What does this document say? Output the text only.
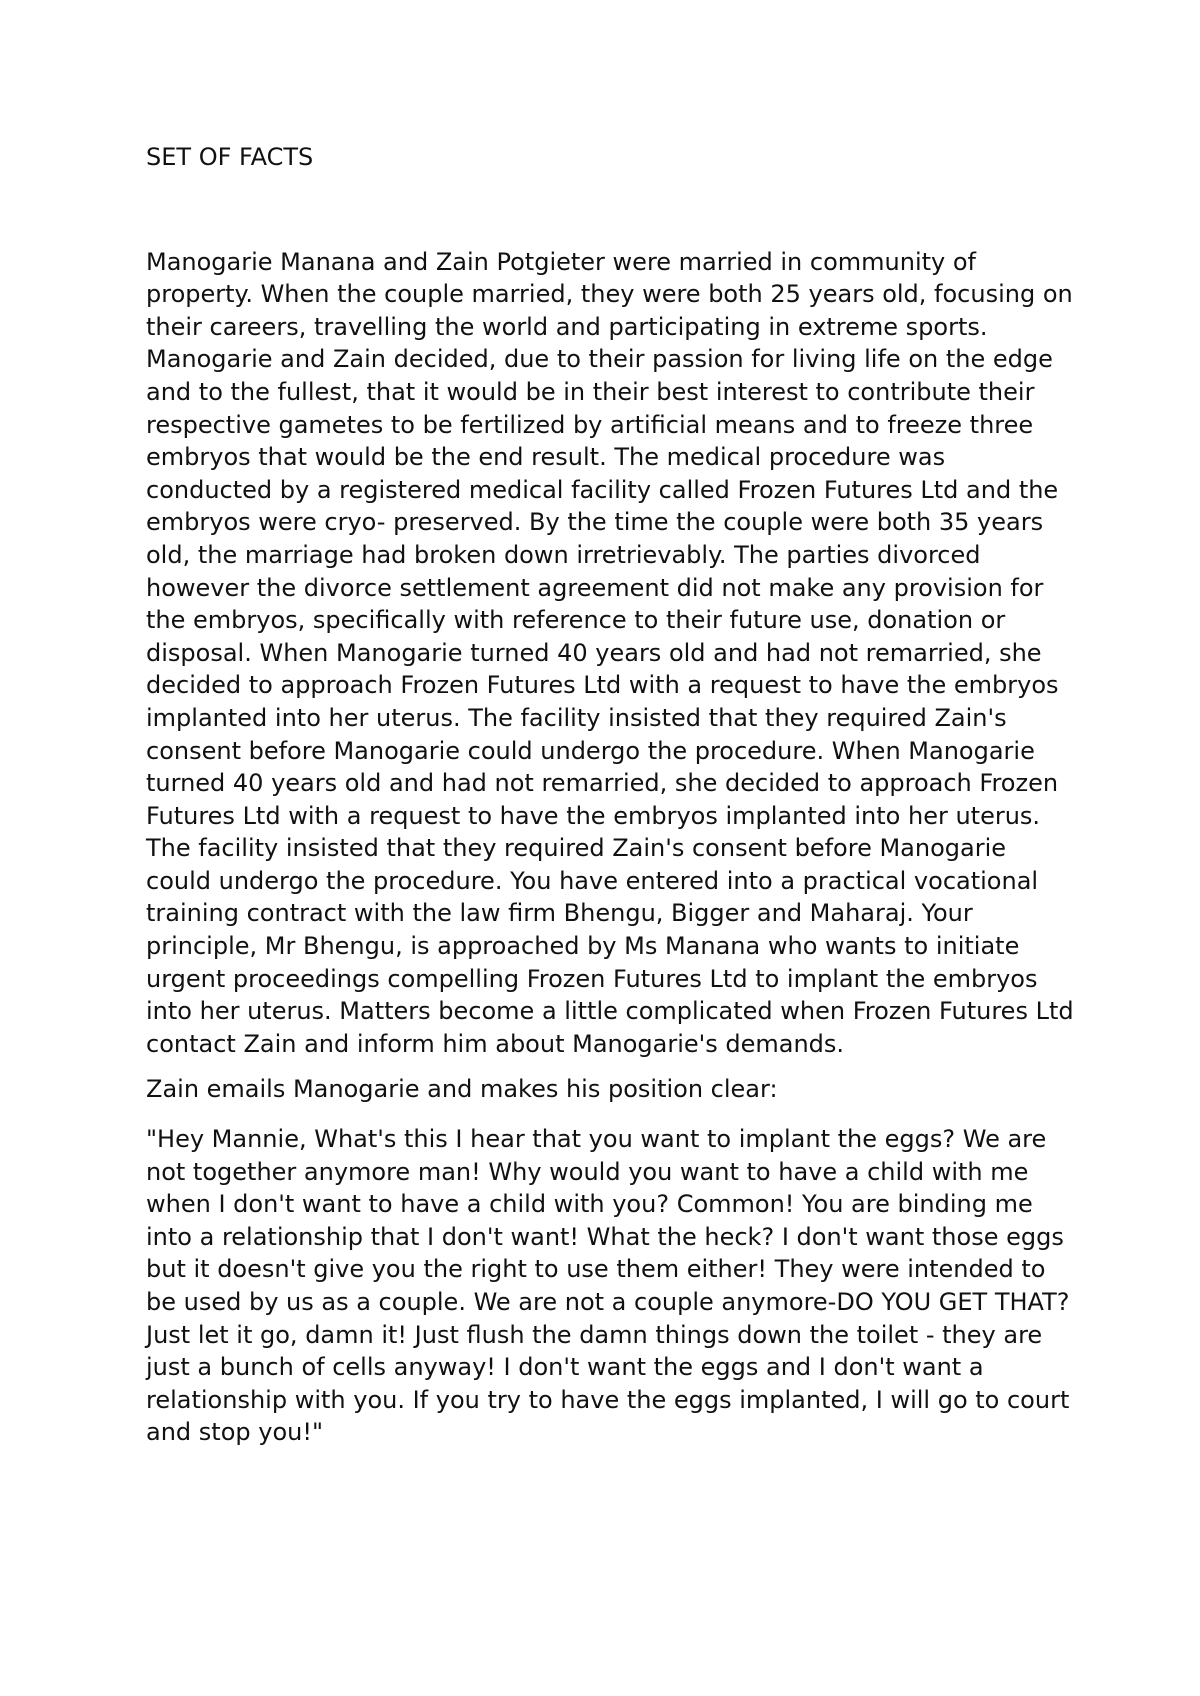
SET OF FACTS

Manogarie Manana and Zain Potgieter were married in community of property. When the couple married, they were both 25 years old, focusing on their careers, travelling the world and participating in extreme sports. Manogarie and Zain decided, due to their passion for living life on the edge and to the fullest, that it would be in their best interest to contribute their respective gametes to be fertilized by artificial means and to freeze three embryos that would be the end result. The medical procedure was conducted by a registered medical facility called Frozen Futures Ltd and the embryos were cryo- preserved. By the time the couple were both 35 years old, the marriage had broken down irretrievably. The parties divorced however the divorce settlement agreement did not make any provision for the embryos, specifically with reference to their future use, donation or disposal. When Manogarie turned 40 years old and had not remarried, she decided to approach Frozen Futures Ltd with a request to have the embryos implanted into her uterus. The facility insisted that they required Zain's consent before Manogarie could undergo the procedure. When Manogarie turned 40 years old and had not remarried, she decided to approach Frozen Futures Ltd with a request to have the embryos implanted into her uterus. The facility insisted that they required Zain's consent before Manogarie could undergo the procedure. You have entered into a practical vocational training contract with the law firm Bhengu, Bigger and Maharaj. Your principle, Mr Bhengu, is approached by Ms Manana who wants to initiate urgent proceedings compelling Frozen Futures Ltd to implant the embryos into her uterus. Matters become a little complicated when Frozen Futures Ltd contact Zain and inform him about Manogarie's demands.

Zain emails Manogarie and makes his position clear:

"Hey Mannie, What's this I hear that you want to implant the eggs? We are not together anymore man! Why would you want to have a child with me when I don't want to have a child with you? Common! You are binding me into a relationship that I don't want! What the heck? I don't want those eggs but it doesn't give you the right to use them either! They were intended to be used by us as a couple. We are not a couple anymore-DO YOU GET THAT?Just let it go, damn it! Just flush the damn things down the toilet - they are just a bunch of cells anyway! I don't want the eggs and I don't want a relationship with you. If you try to have the eggs implanted, I will go to court and stop you!"
